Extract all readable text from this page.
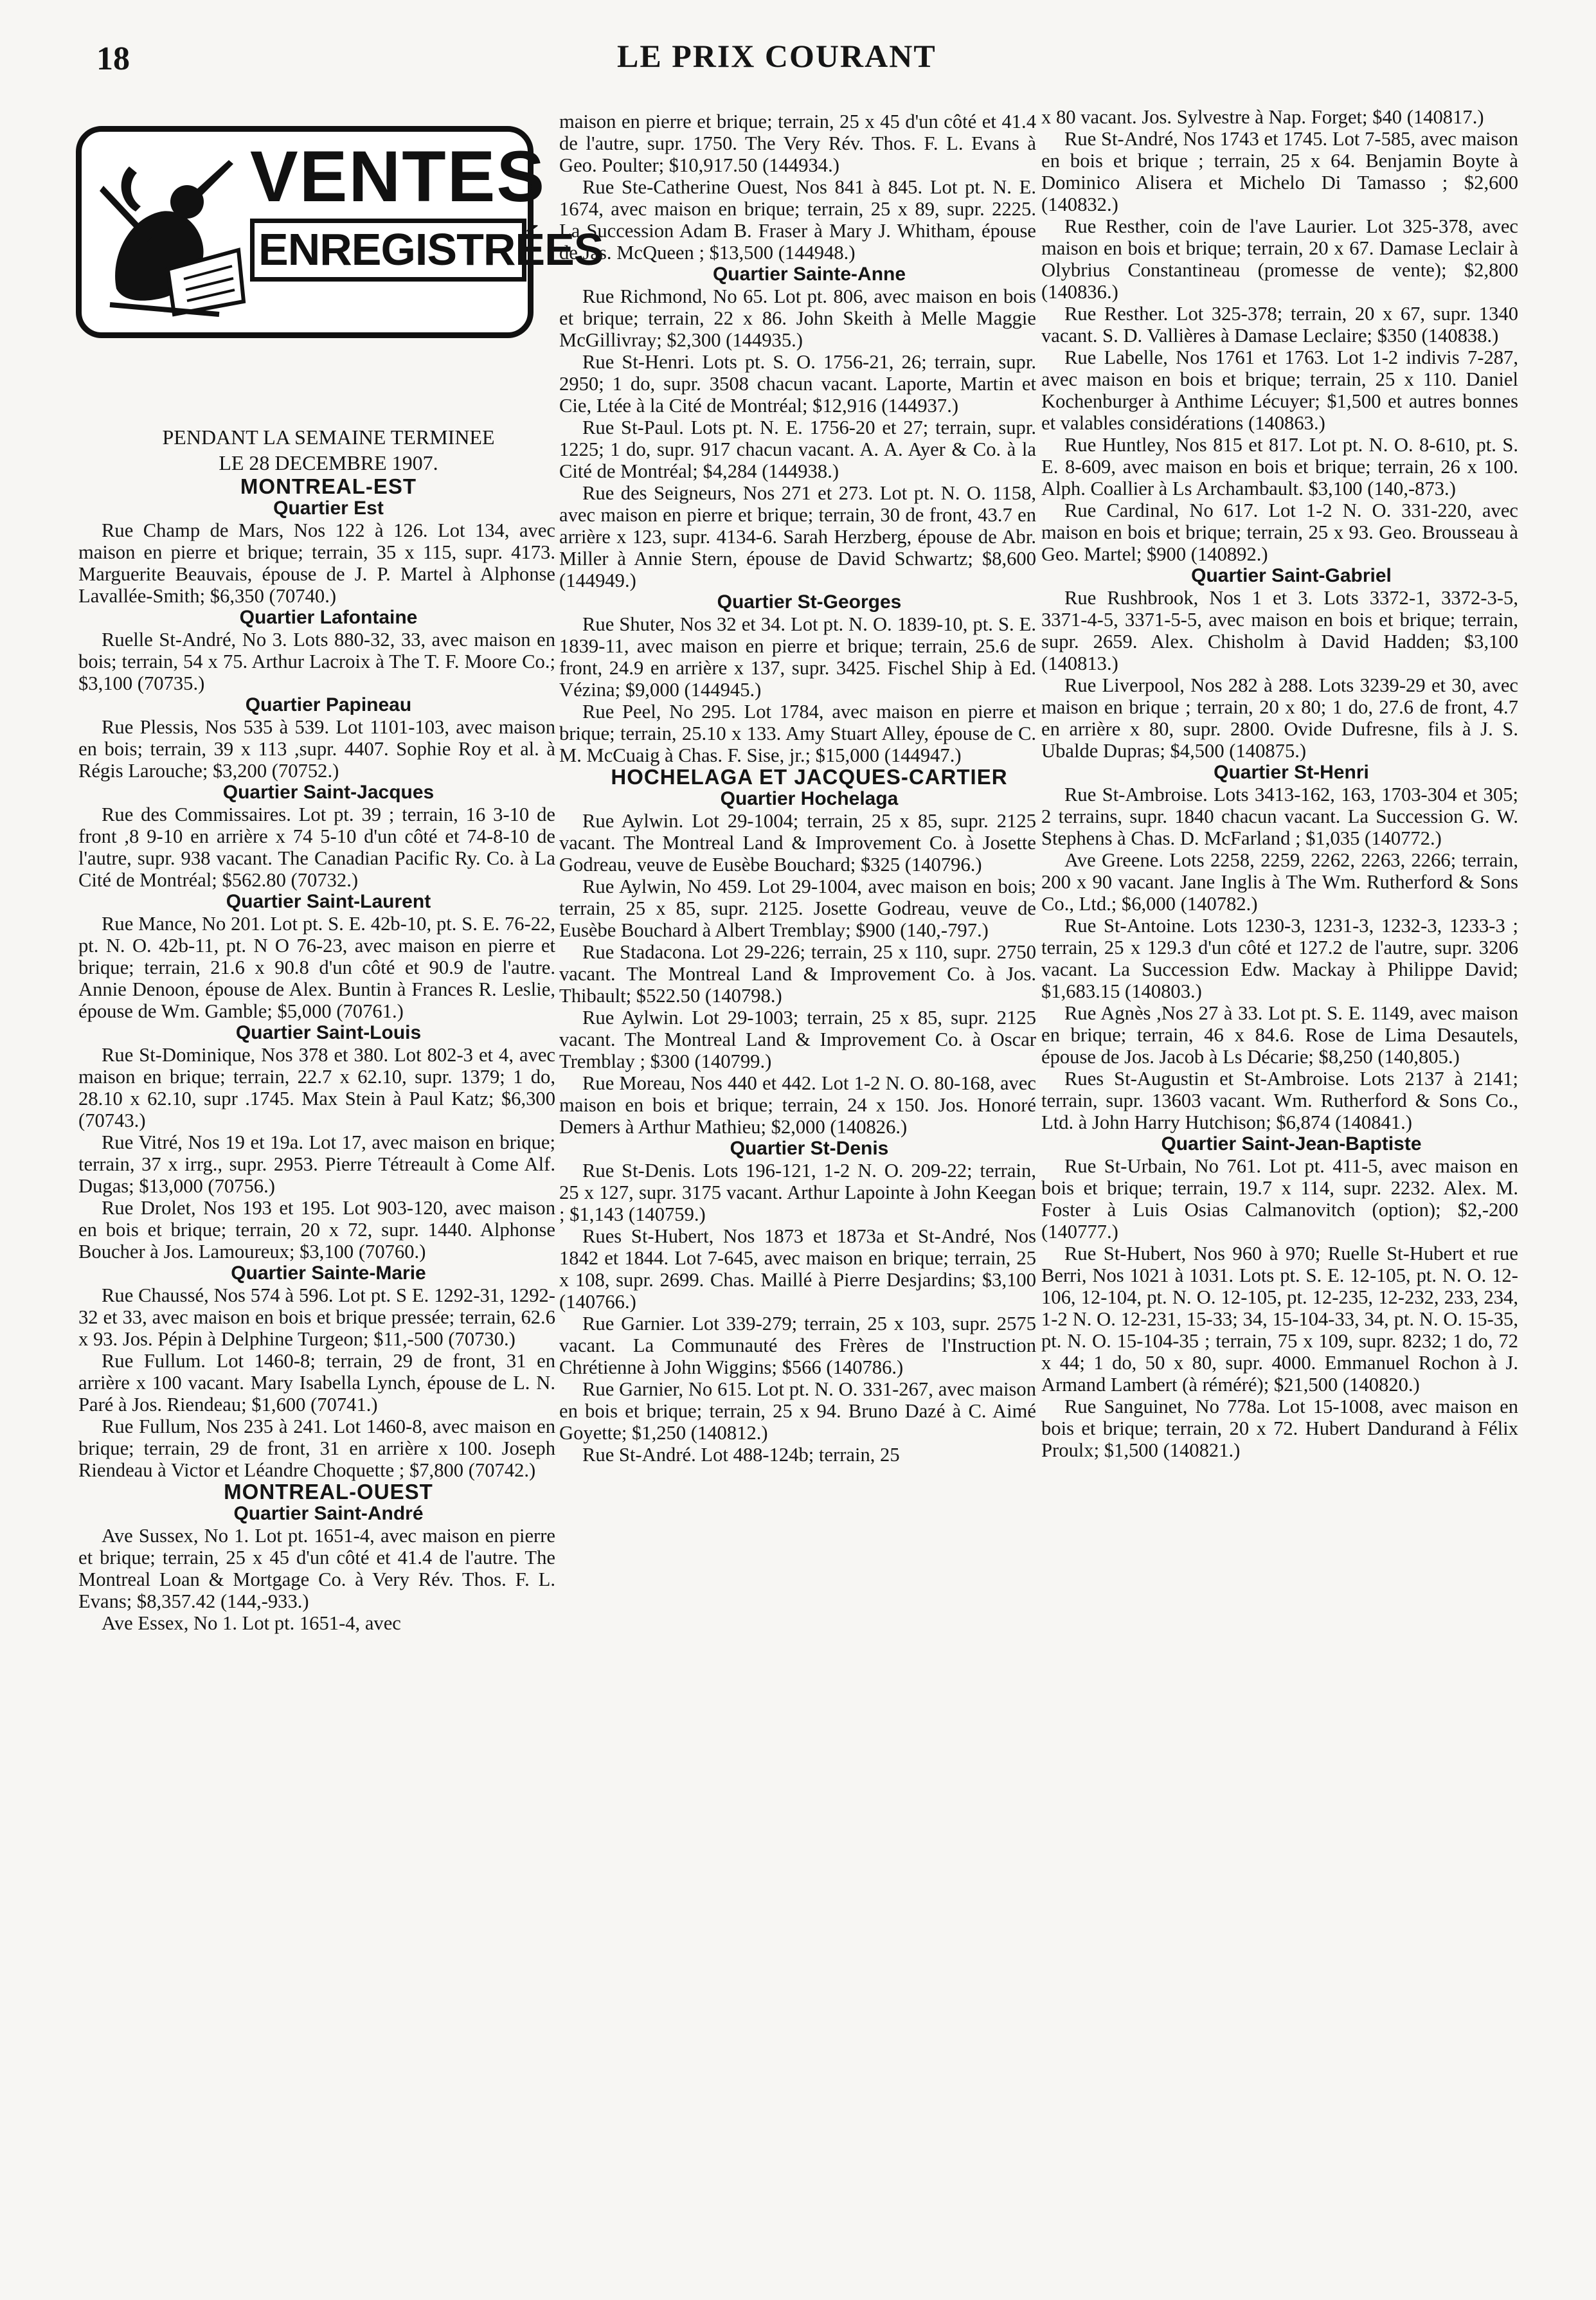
18	LE PRIX COURANT
VENTES
ENREGISTRÉES

PENDANT LA SEMAINE TERMINEE

LE 28 DECEMBRE 1907.

MONTREAL-EST

Quartier Est

Rue Champ de Mars, Nos 122 à 126. Lot 134, avec maison en pierre et brique; terrain, 35 x 115, supr. 4173. Marguerite Beauvais, épouse de J. P. Martel à Alphonse Lavallée-Smith; $6,350 (70740.)

Quartier Lafontaine

Ruelle St-André, No 3. Lots 880-32, 33, avec maison en bois; terrain, 54 x 75. Arthur Lacroix à The T. F. Moore Co.; $3,100 (70735.)

Quartier Papineau

Rue Plessis, Nos 535 à 539. Lot 1101-103, avec maison en bois; terrain, 39 x 113 ,supr. 4407. Sophie Roy et al. à Régis Larouche; $3,200 (70752.)

Quartier Saint-Jacques

Rue des Commissaires. Lot pt. 39 ; terrain, 16 3-10 de front ,8 9-10 en arrière x 74 5-10 d'un côté et 74-8-10 de l'autre, supr. 938 vacant. The Canadian Pacific Ry. Co. à La Cité de Montréal; $562.80 (70732.)

Quartier Saint-Laurent

Rue Mance, No 201. Lot pt. S. E. 42b-10, pt. S. E. 76-22, pt. N. O. 42b-11, pt. N O 76-23, avec maison en pierre et brique; terrain, 21.6 x 90.8 d'un côté et 90.9 de l'autre. Annie Denoon, épouse de Alex. Buntin à Frances R. Leslie, épouse de Wm. Gamble; $5,000 (70761.)

Quartier Saint-Louis

Rue St-Dominique, Nos 378 et 380. Lot 802-3 et 4, avec maison en brique; terrain, 22.7 x 62.10, supr. 1379; 1 do, 28.10 x 62.10, supr .1745. Max Stein à Paul Katz; $6,300 (70743.)

Rue Vitré, Nos 19 et 19a. Lot 17, avec maison en brique; terrain, 37 x irrg., supr. 2953. Pierre Tétreault à Come Alf. Dugas; $13,000 (70756.)

Rue Drolet, Nos 193 et 195. Lot 903-120, avec maison en bois et brique; terrain, 20 x 72, supr. 1440. Alphonse Boucher à Jos. Lamoureux; $3,100 (70760.)

Quartier Sainte-Marie

Rue Chaussé, Nos 574 à 596. Lot pt. S E. 1292-31, 1292-32 et 33, avec maison en bois et brique pressée; terrain, 62.6 x 93. Jos. Pépin à Delphine Turgeon; $11,-500 (70730.)

Rue Fullum. Lot 1460-8; terrain, 29 de front, 31 en arrière x 100 vacant. Mary Isabella Lynch, épouse de L. N. Paré à Jos. Riendeau; $1,600 (70741.)

Rue Fullum, Nos 235 à 241. Lot 1460-8, avec maison en brique; terrain, 29 de front, 31 en arrière x 100. Joseph Riendeau à Victor et Léandre Choquette ; $7,800 (70742.)

MONTREAL-OUEST

Quartier Saint-André

Ave Sussex, No 1. Lot pt. 1651-4, avec maison en pierre et brique; terrain, 25 x 45 d'un côté et 41.4 de l'autre. The Montreal Loan & Mortgage Co. à Very Rév. Thos. F. L. Evans; $8,357.42 (144,-933.)

Ave Essex, No 1. Lot pt. 1651-4, avec

maison en pierre et brique; terrain, 25 x 45 d'un côté et 41.4 de l'autre, supr. 1750. The Very Rév. Thos. F. L. Evans à Geo. Poulter; $10,917.50 (144934.)

Rue Ste-Catherine Ouest, Nos 841 à 845. Lot pt. N. E. 1674, avec maison en brique; terrain, 25 x 89, supr. 2225. La Succession Adam B. Fraser à Mary J. Whitham, épouse de Jas. McQueen ; $13,500 (144948.)

Quartier Sainte-Anne

Rue Richmond, No 65. Lot pt. 806, avec maison en bois et brique; terrain, 22 x 86. John Skeith à Melle Maggie McGillivray; $2,300 (144935.)

Rue St-Henri. Lots pt. S. O. 1756-21, 26; terrain, supr. 2950; 1 do, supr. 3508 chacun vacant. Laporte, Martin et Cie, Ltée à la Cité de Montréal; $12,916 (144937.)

Rue St-Paul. Lots pt. N. E. 1756-20 et 27; terrain, supr. 1225; 1 do, supr. 917 chacun vacant. A. A. Ayer & Co. à la Cité de Montréal; $4,284 (144938.)

Rue des Seigneurs, Nos 271 et 273. Lot pt. N. O. 1158, avec maison en pierre et brique; terrain, 30 de front, 43.7 en arrière x 123, supr. 4134-6. Sarah Herzberg, épouse de Abr. Miller à Annie Stern, épouse de David Schwartz; $8,600 (144949.)

Quartier St-Georges

Rue Shuter, Nos 32 et 34. Lot pt. N. O. 1839-10, pt. S. E. 1839-11, avec maison en pierre et brique; terrain, 25.6 de front, 24.9 en arrière x 137, supr. 3425. Fischel Ship à Ed. Vézina; $9,000 (144945.)

Rue Peel, No 295. Lot 1784, avec maison en pierre et brique; terrain, 25.10 x 133. Amy Stuart Alley, épouse de C. M. McCuaig à Chas. F. Sise, jr.; $15,000 (144947.)

HOCHELAGA ET JACQUES-CARTIER

Quartier Hochelaga

Rue Aylwin. Lot 29-1004; terrain, 25 x 85, supr. 2125 vacant. The Montreal Land & Improvement Co. à Josette Godreau, veuve de Eusèbe Bouchard; $325 (140796.)

Rue Aylwin, No 459. Lot 29-1004, avec maison en bois; terrain, 25 x 85, supr. 2125. Josette Godreau, veuve de Eusèbe Bouchard à Albert Tremblay; $900 (140,-797.)

Rue Stadacona. Lot 29-226; terrain, 25 x 110, supr. 2750 vacant. The Montreal Land & Improvement Co. à Jos. Thibault; $522.50 (140798.)

Rue Aylwin. Lot 29-1003; terrain, 25 x 85, supr. 2125 vacant. The Montreal Land & Improvement Co. à Oscar Tremblay ; $300 (140799.)

Rue Moreau, Nos 440 et 442. Lot 1-2 N. O. 80-168, avec maison en bois et brique; terrain, 24 x 150. Jos. Honoré Demers à Arthur Mathieu; $2,000 (140826.)

Quartier St-Denis

Rue St-Denis. Lots 196-121, 1-2 N. O. 209-22; terrain, 25 x 127, supr. 3175 vacant. Arthur Lapointe à John Keegan ; $1,143 (140759.)

Rues St-Hubert, Nos 1873 et 1873a et St-André, Nos 1842 et 1844. Lot 7-645, avec maison en brique; terrain, 25 x 108, supr. 2699. Chas. Maillé à Pierre Desjardins; $3,100 (140766.)

Rue Garnier. Lot 339-279; terrain, 25 x 103, supr. 2575 vacant. La Communauté des Frères de l'Instruction Chrétienne à John Wiggins; $566 (140786.)

Rue Garnier, No 615. Lot pt. N. O. 331-267, avec maison en bois et brique; terrain, 25 x 94. Bruno Dazé à C. Aimé Goyette; $1,250 (140812.)

Rue St-André. Lot 488-124b; terrain, 25

x 80 vacant. Jos. Sylvestre à Nap. Forget; $40 (140817.)

Rue St-André, Nos 1743 et 1745. Lot 7-585, avec maison en bois et brique ; terrain, 25 x 64. Benjamin Boyte à Dominico Alisera et Michelo Di Tamasso ; $2,600 (140832.)

Rue Resther, coin de l'ave Laurier. Lot 325-378, avec maison en bois et brique; terrain, 20 x 67. Damase Leclair à Olybrius Constantineau (promesse de vente); $2,800 (140836.)

Rue Resther. Lot 325-378; terrain, 20 x 67, supr. 1340 vacant. S. D. Vallières à Damase Leclaire; $350 (140838.)

Rue Labelle, Nos 1761 et 1763. Lot 1-2 indivis 7-287, avec maison en bois et brique; terrain, 25 x 110. Daniel Kochenburger à Anthime Lécuyer; $1,500 et autres bonnes et valables considérations (140863.)

Rue Huntley, Nos 815 et 817. Lot pt. N. O. 8-610, pt. S. E. 8-609, avec maison en bois et brique; terrain, 26 x 100. Alph. Coallier à Ls Archambault. $3,100 (140,-873.)

Rue Cardinal, No 617. Lot 1-2 N. O. 331-220, avec maison en bois et brique; terrain, 25 x 93. Geo. Brousseau à Geo. Martel; $900 (140892.)

Quartier Saint-Gabriel

Rue Rushbrook, Nos 1 et 3. Lots 3372-1, 3372-3-5, 3371-4-5, 3371-5-5, avec maison en bois et brique; terrain, supr. 2659. Alex. Chisholm à David Hadden; $3,100 (140813.)

Rue Liverpool, Nos 282 à 288. Lots 3239-29 et 30, avec maison en brique ; terrain, 20 x 80; 1 do, 27.6 de front, 4.7 en arrière x 80, supr. 2800. Ovide Dufresne, fils à J. S. Ubalde Dupras; $4,500 (140875.)

Quartier St-Henri

Rue St-Ambroise. Lots 3413-162, 163, 1703-304 et 305; 2 terrains, supr. 1840 chacun vacant. La Succession G. W. Stephens à Chas. D. McFarland ; $1,035 (140772.)

Ave Greene. Lots 2258, 2259, 2262, 2263, 2266; terrain, 200 x 90 vacant. Jane Inglis à The Wm. Rutherford & Sons Co., Ltd.; $6,000 (140782.)

Rue St-Antoine. Lots 1230-3, 1231-3, 1232-3, 1233-3 ; terrain, 25 x 129.3 d'un côté et 127.2 de l'autre, supr. 3206 vacant. La Succession Edw. Mackay à Philippe David; $1,683.15 (140803.)

Rue Agnès ,Nos 27 à 33. Lot pt. S. E. 1149, avec maison en brique; terrain, 46 x 84.6. Rose de Lima Desautels, épouse de Jos. Jacob à Ls Décarie; $8,250 (140,805.)

Rues St-Augustin et St-Ambroise. Lots 2137 à 2141; terrain, supr. 13603 vacant. Wm. Rutherford & Sons Co., Ltd. à John Harry Hutchison; $6,874 (140841.)

Quartier Saint-Jean-Baptiste

Rue St-Urbain, No 761. Lot pt. 411-5, avec maison en bois et brique; terrain, 19.7 x 114, supr. 2232. Alex. M. Foster à Luis Osias Calmanovitch (option); $2,-200 (140777.)

Rue St-Hubert, Nos 960 à 970; Ruelle St-Hubert et rue Berri, Nos 1021 à 1031. Lots pt. S. E. 12-105, pt. N. O. 12-106, 12-104, pt. N. O. 12-105, pt. 12-235, 12-232, 233, 234, 1-2 N. O. 12-231, 15-33; 34, 15-104-33, 34, pt. N. O. 15-35, pt. N. O. 15-104-35 ; terrain, 75 x 109, supr. 8232; 1 do, 72 x 44; 1 do, 50 x 80, supr. 4000. Emmanuel Rochon à J. Armand Lambert (à réméré); $21,500 (140820.)

Rue Sanguinet, No 778a. Lot 15-1008, avec maison en bois et brique; terrain, 20 x 72. Hubert Dandurand à Félix Proulx; $1,500 (140821.)
